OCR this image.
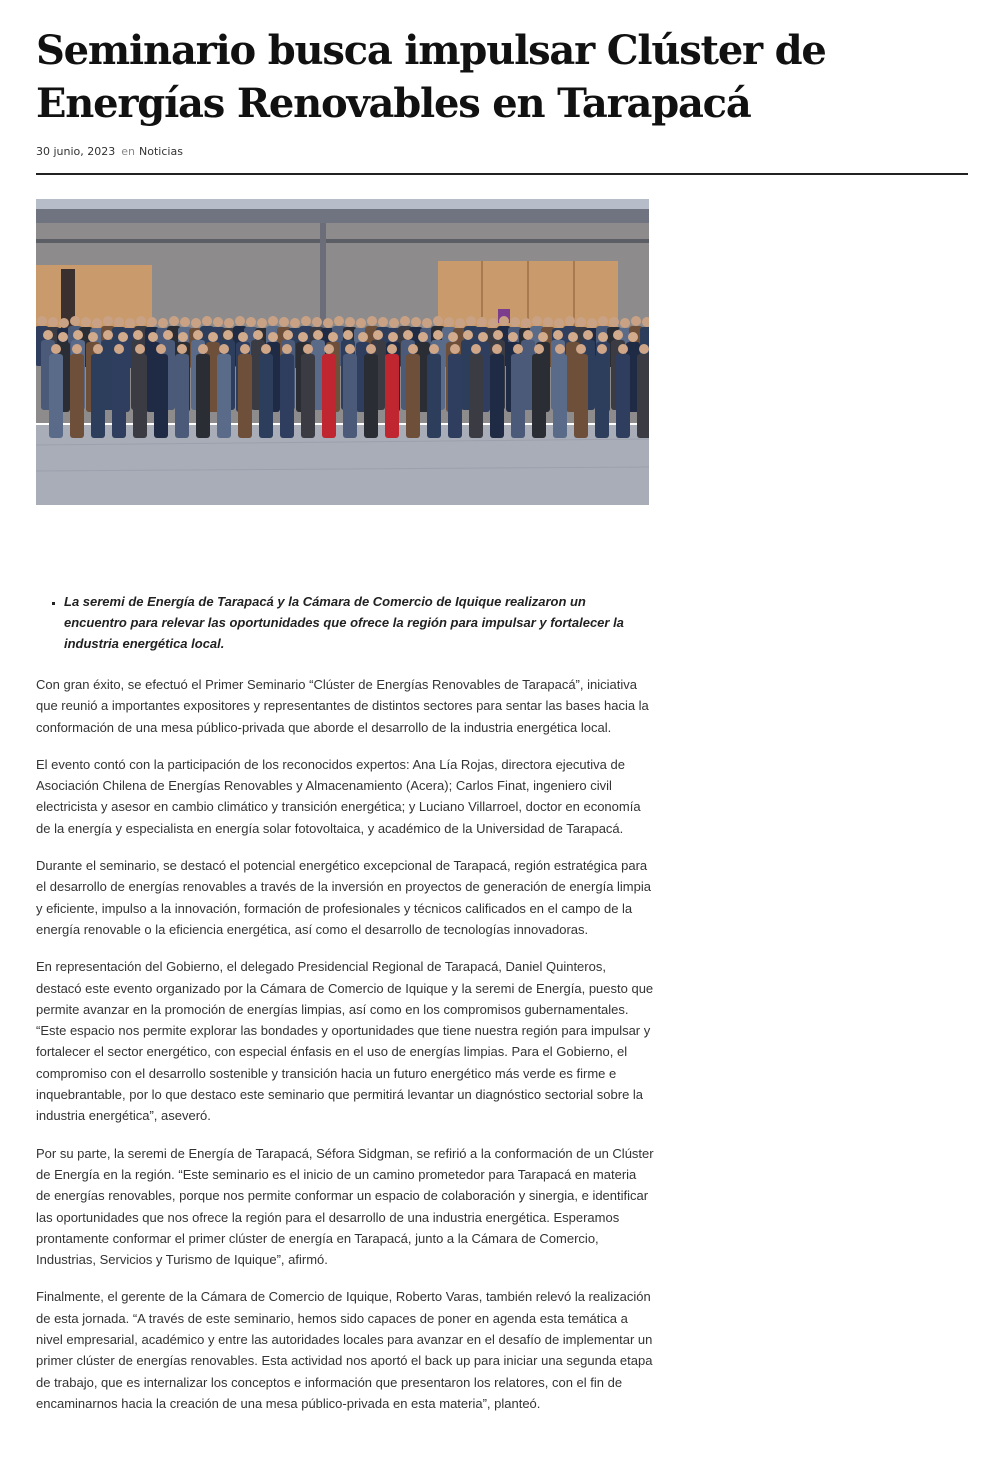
Seminario busca impulsar Clúster de Energías Renovables en Tarapacá
30 junio, 2023 en Noticias
▪ La seremi de Energía de Tarapacá y la Cámara de Comercio de Iquique realizaron un encuentro para relevar las oportunidades que ofrece la región para impulsar y fortalecer la industria energética local.

Con gran éxito, se efectuó el Primer Seminario “Clúster de Energías Renovables de Tarapacá”, iniciativa que reunió a importantes expositores y representantes de distintos sectores para sentar las bases hacia la conformación de una mesa público-privada que aborde el desarrollo de la industria energética local.

El evento contó con la participación de los reconocidos expertos: Ana Lía Rojas, directora ejecutiva de Asociación Chilena de Energías Renovables y Almacenamiento (Acera); Carlos Finat, ingeniero civil electricista y asesor en cambio climático y transición energética; y Luciano Villarroel, doctor en economía de la energía y especialista en energía solar fotovoltaica, y académico de la Universidad de Tarapacá.

Durante el seminario, se destacó el potencial energético excepcional de Tarapacá, región estratégica para el desarrollo de energías renovables a través de la inversión en proyectos de generación de energía limpia y eficiente, impulso a la innovación, formación de profesionales y técnicos calificados en el campo de la energía renovable o la eficiencia energética, así como el desarrollo de tecnologías innovadoras.

En representación del Gobierno, el delegado Presidencial Regional de Tarapacá, Daniel Quinteros, destacó este evento organizado por la Cámara de Comercio de Iquique y la seremi de Energía, puesto que permite avanzar en la promoción de energías limpias, así como en los compromisos gubernamentales. “Este espacio nos permite explorar las bondades y oportunidades que tiene nuestra región para impulsar y fortalecer el sector energético, con especial énfasis en el uso de energías limpias. Para el Gobierno, el compromiso con el desarrollo sostenible y transición hacia un futuro energético más verde es firme e inquebrantable, por lo que destaco este seminario que permitirá levantar un diagnóstico sectorial sobre la industria energética”, aseveró.

Por su parte, la seremi de Energía de Tarapacá, Séfora Sidgman, se refirió a la conformación de un Clúster de Energía en la región. “Este seminario es el inicio de un camino prometedor para Tarapacá en materia de energías renovables, porque nos permite conformar un espacio de colaboración y sinergia, e identificar las oportunidades que nos ofrece la región para el desarrollo de una industria energética. Esperamos prontamente conformar el primer clúster de energía en Tarapacá, junto a la Cámara de Comercio, Industrias, Servicios y Turismo de Iquique”, afirmó.

Finalmente, el gerente de la Cámara de Comercio de Iquique, Roberto Varas, también relevó la realización de esta jornada. “A través de este seminario, hemos sido capaces de poner en agenda esta temática a nivel empresarial, académico y entre las autoridades locales para avanzar en el desafío de implementar un primer clúster de energías renovables. Esta actividad nos aportó el back up para iniciar una segunda etapa de trabajo, que es internalizar los conceptos e información que presentaron los relatores, con el fin de encaminarnos hacia la creación de una mesa público-privada en esta materia”, planteó.
